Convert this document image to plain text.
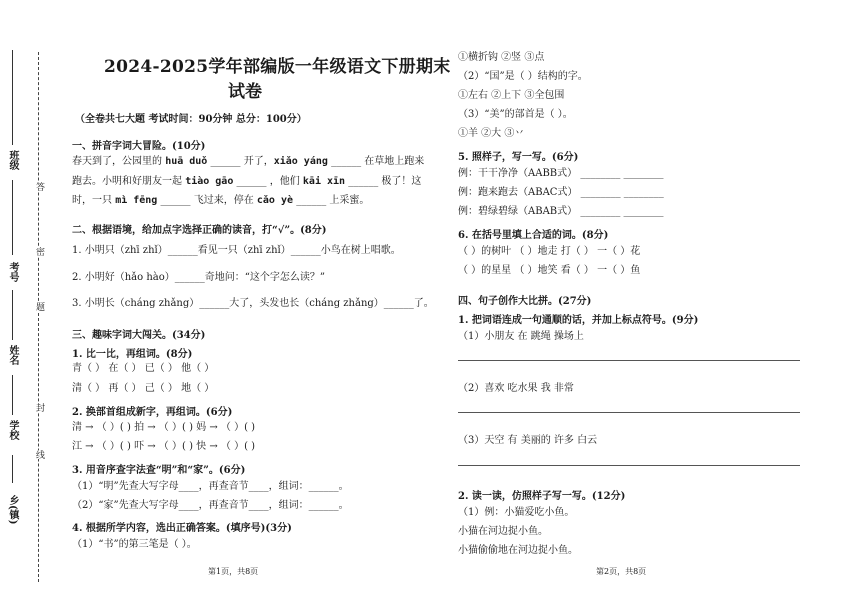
班级
考号
姓名
学校
乡(镇)
答
密
题
封
线
2024-2025学年部编版一年级语文下册期末
试卷
（全卷共七大题 考试时间：90分钟 总分：100分）
一、拼音字词大冒险。(10分)
春天到了，公园里的 huā duǒ ______ 开了，xiǎo yáng ______ 在草地上跑来
跑去。小明和好朋友一起 tiào gāo ______ ，他们 kāi xīn ______ 极了！这
时，一只 mì fēng ______ 飞过来，停在 cǎo yè ______ 上采蜜。
二、根据语境，给加点字选择正确的读音，打“√”。(8分)
1. 小明只（zhī zhǐ）______看见一只（zhī zhǐ）______小鸟在树上唱歌。
2. 小明好（hǎo hào）______奇地问：“这个字怎么读？”
3. 小明长（cháng zhǎng）______大了，头发也长（cháng zhǎng）______了。
三、趣味字词大闯关。(34分)
1. 比一比，再组词。(8分)
青（ ） 在（ ） 已（ ） 他（ ）
清（ ） 再（ ） 己（ ） 地（ ）
2. 换部首组成新字，再组词。(6分)
清 → （ ）( ) 拍 → （ ）( ) 妈 → （ ）( )
江 → （ ）( ) 吓 → （ ）( ) 快 → （ ）( )
3. 用音序查字法查“明”和“家”。(6分)
（1）“明”先查大写字母____，再查音节____，组词：______。
（2）“家”先查大写字母____，再查音节____，组词：______。
4. 根据所学内容，选出正确答案。(填序号)(3分)
（1）“书”的第三笔是（ ）。
①横折钩 ②竖 ③点
（2）“国”是（ ）结构的字。
①左右 ②上下 ③全包围
（3）“美”的部首是（ ）。
①羊 ②大 ③丷
5. 照样子，写一写。(6分)
例：干干净净（AABB式） ________ ________
例：跑来跑去（ABAC式） ________ ________
例：碧绿碧绿（ABAB式） ________ ________
6. 在括号里填上合适的词。(8分)
（ ）的树叶 （ ）地走 打（ ） 一（ ）花
（ ）的星星 （ ）地笑 看（ ） 一（ ）鱼
四、句子创作大比拼。(27分)
1. 把词语连成一句通顺的话，并加上标点符号。(9分)
（1）小朋友 在 跳绳 操场上
（2）喜欢 吃水果 我 非常
（3）天空 有 美丽的 许多 白云
2. 读一读，仿照样子写一写。(12分)
（1）例：小猫爱吃小鱼。
小猫在河边捉小鱼。
小猫偷偷地在河边捉小鱼。
第1页，共8页	第2页，共8页
